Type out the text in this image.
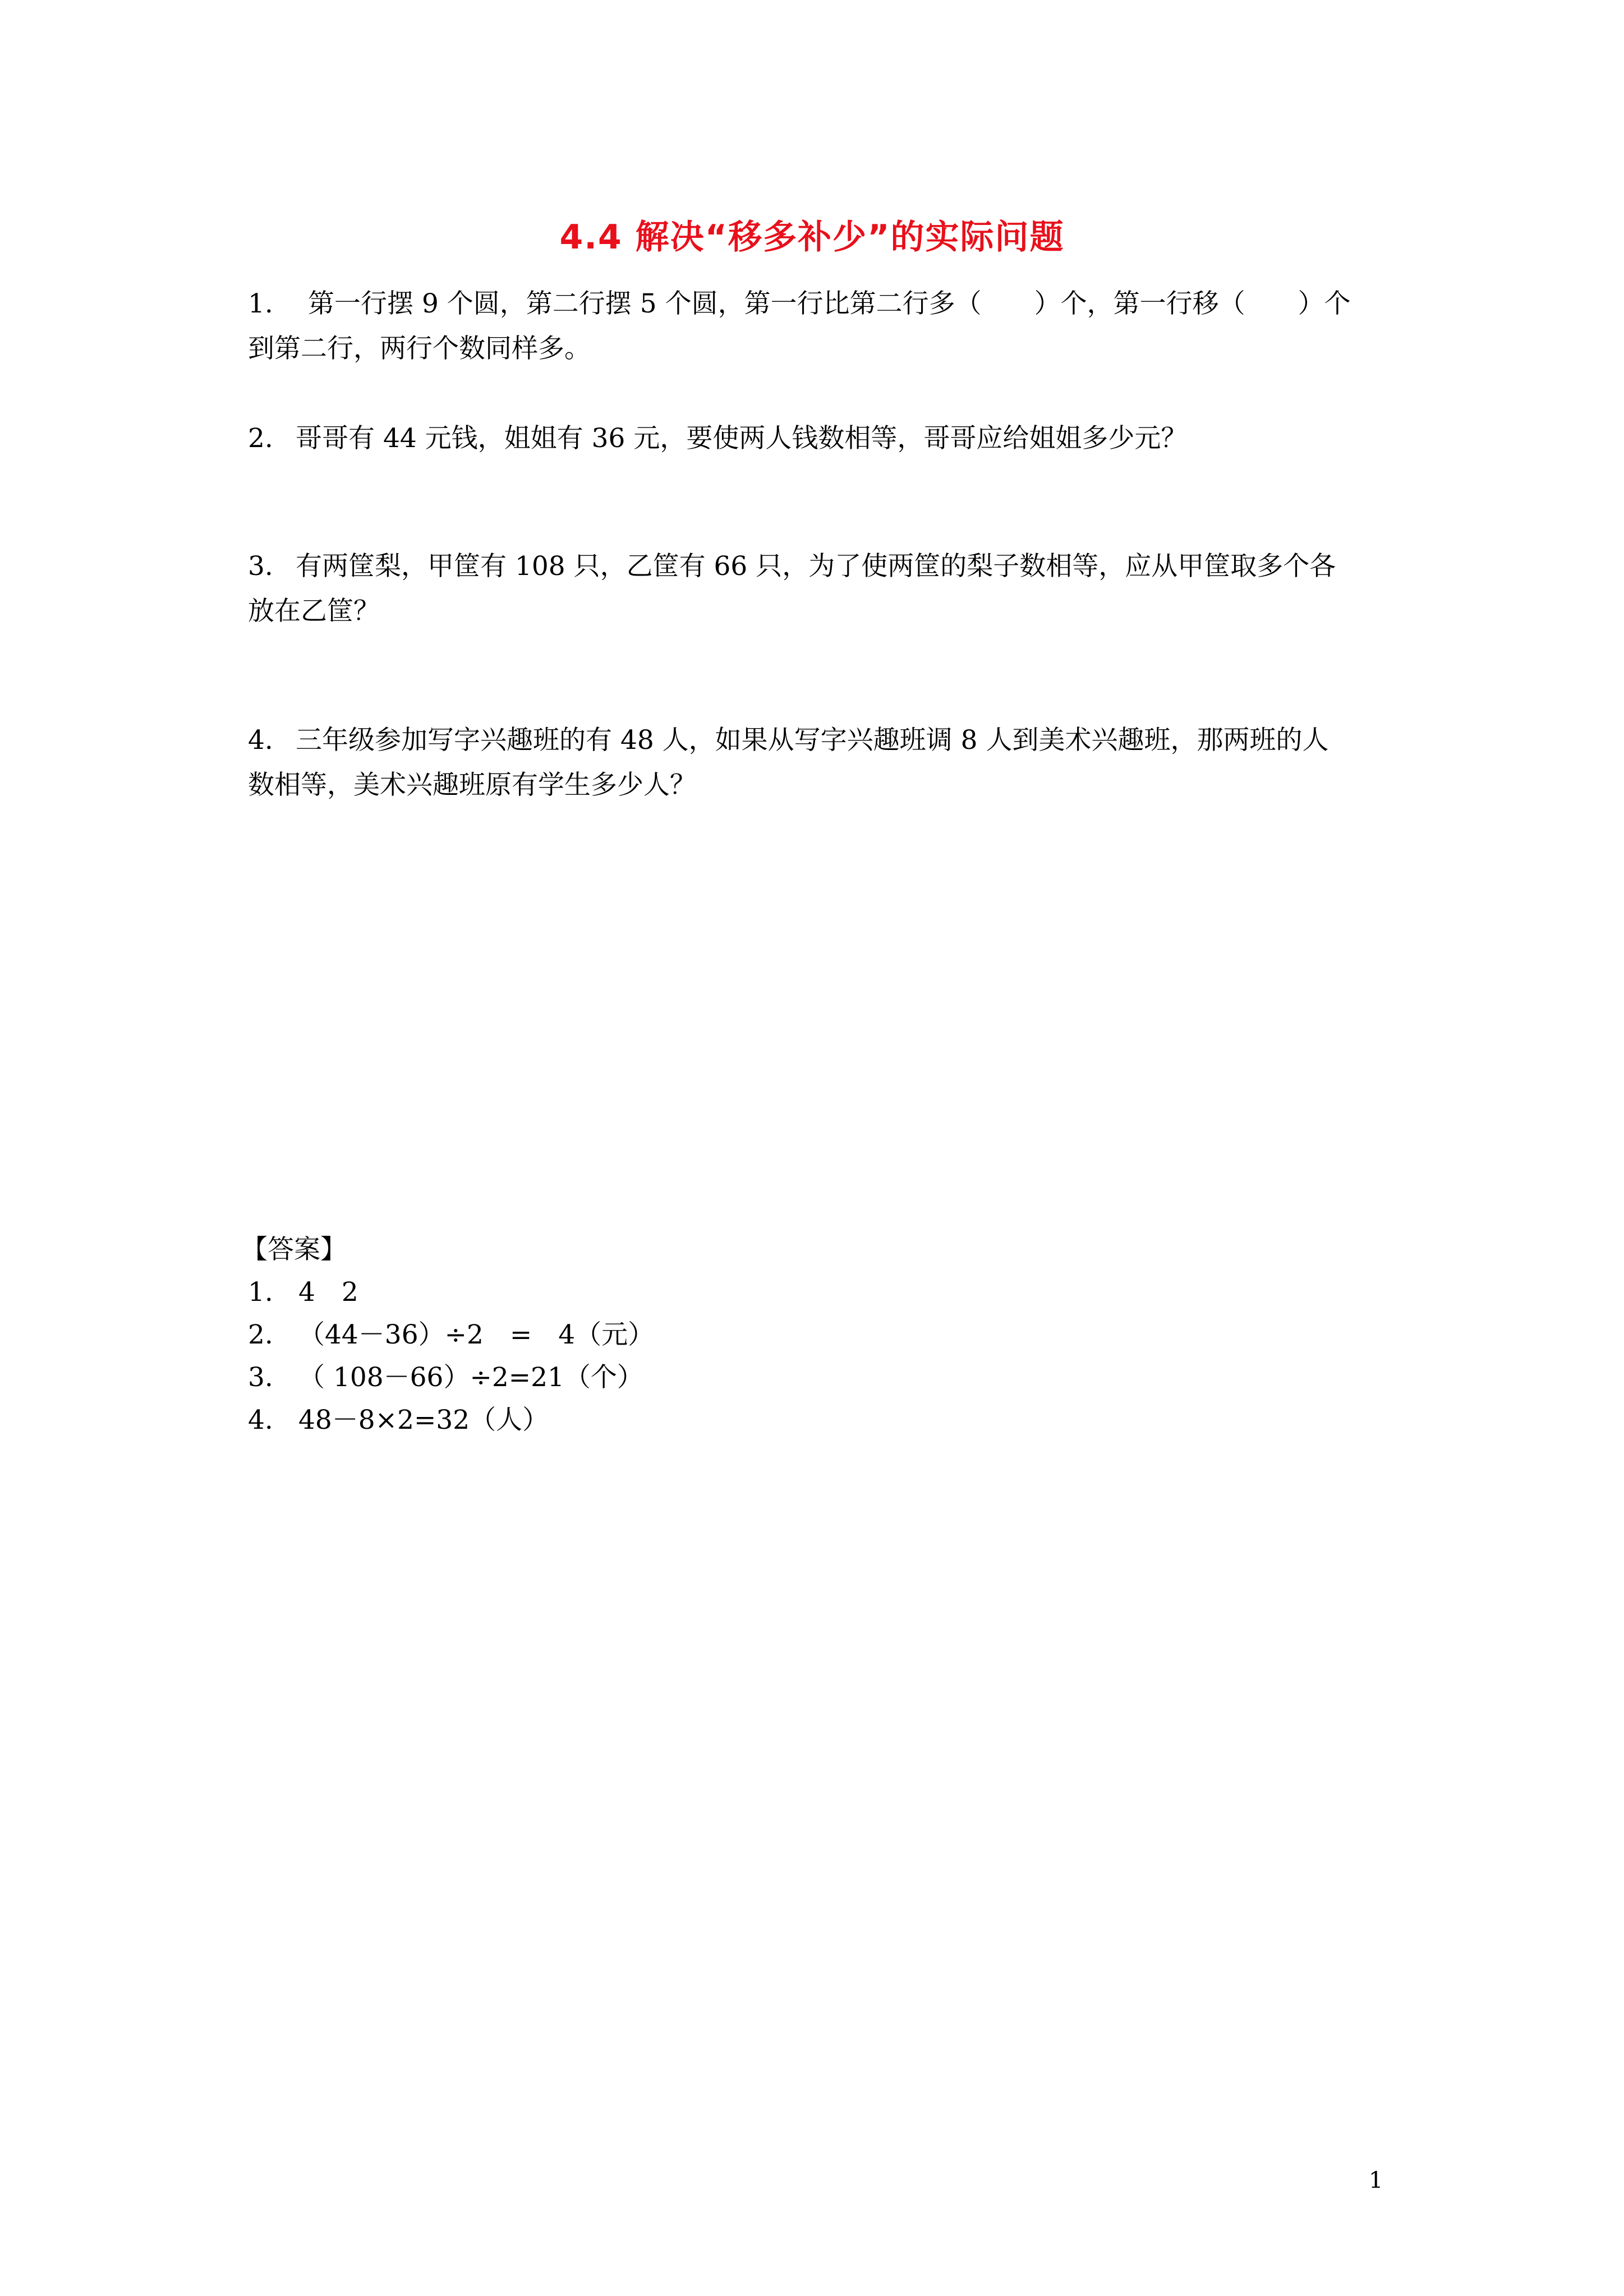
4.4 解决“移多补少”的实际问题
1. 第一行摆 9 个圆，第二行摆 5 个圆，第一行比第二行多（　　）个，第一行移（　　）个
到第二行，两行个数同样多。
2. 哥哥有 44 元钱，姐姐有 36 元，要使两人钱数相等，哥哥应给姐姐多少元？
3. 有两筐梨，甲筐有 108 只，乙筐有 66 只，为了使两筐的梨子数相等，应从甲筐取多个各
放在乙筐？
4. 三年级参加写字兴趣班的有 48 人，如果从写字兴趣班调 8 人到美术兴趣班，那两班的人
数相等，美术兴趣班原有学生多少人？
【答案】
1. 4　2
2. （44－36）÷2　=　4（元）
3. （ 108－66）÷2=21（个）
4. 48－8×2=32（人）
1
